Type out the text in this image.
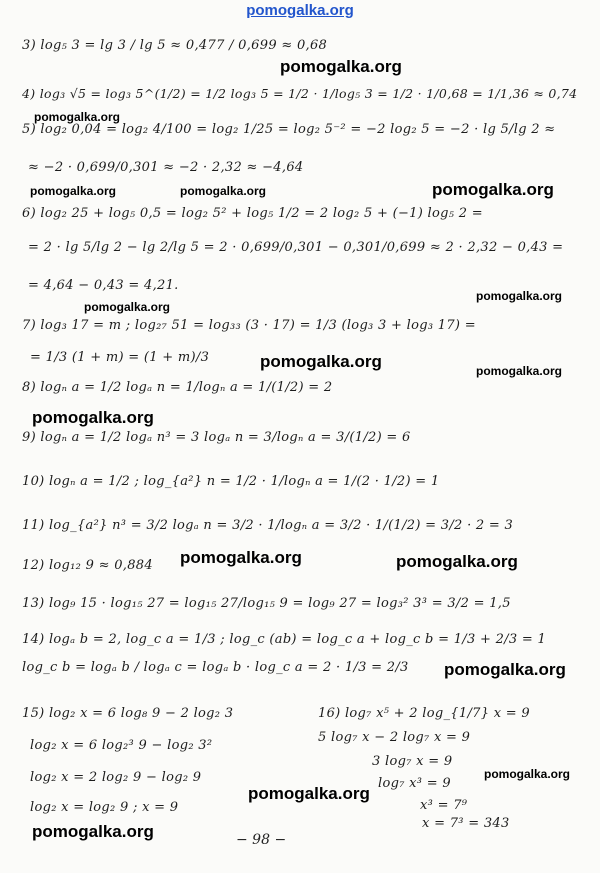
pomogalka.org
3) log₅ 3 = lg 3 / lg 5 ≈ 0,477 / 0,699 ≈ 0,68
4) log₃ √5 = log₃ 5^(1/2) = 1/2 log₃ 5 = 1/2 · 1/log₅ 3 = 1/2 · 1/0,68 = 1/1,36 ≈ 0,74
5) log₂ 0,04 = log₂ 4/100 = log₂ 1/25 = log₂ 5⁻² = −2 log₂ 5 = −2 · lg 5/lg 2 ≈
≈ −2 · 0,699/0,301 ≈ −2 · 2,32 ≈ −4,64
6) log₂ 25 + log₅ 0,5 = log₂ 5² + log₅ 1/2 = 2 log₂ 5 + (−1) log₅ 2 =
= 2 · lg 5/lg 2 − lg 2/lg 5 = 2 · 0,699/0,301 − 0,301/0,699 ≈ 2 · 2,32 − 0,43 =
= 4,64 − 0,43 = 4,21.
7) log₃ 17 = m ; log₂₇ 51 = log₃₃ (3 · 17) = 1/3 (log₃ 3 + log₃ 17) =
= 1/3 (1 + m) = (1 + m)/3
8) logₙ a = 1/2 logₐ n = 1/logₙ a = 1/(1/2) = 2
9) logₙ a = 1/2 logₐ n³ = 3 logₐ n = 3/logₙ a = 3/(1/2) = 6
10) logₙ a = 1/2 ; log_{a²} n = 1/2 · 1/logₙ a = 1/(2 · 1/2) = 1
11) log_{a²} n³ = 3/2 logₐ n = 3/2 · 1/logₙ a = 3/2 · 1/(1/2) = 3/2 · 2 = 3
12) log₁₂ 9 ≈ 0,884
13) log₉ 15 · log₁₅ 27 = log₁₅ 27/log₁₅ 9 = log₉ 27 = log₃² 3³ = 3/2 = 1,5
14) logₐ b = 2, log_c a = 1/3 ; log_c (ab) = log_c a + log_c b = 1/3 + 2/3 = 1
log_c b = logₐ b / logₐ c = logₐ b · log_c a = 2 · 1/3 = 2/3
15) log₂ x = 6 log₈ 9 − 2 log₂ 3
log₂ x = 6 log₂³ 9 − log₂ 3²
log₂ x = 2 log₂ 9 − log₂ 9
log₂ x = log₂ 9 ; x = 9
16) log₇ x⁵ + 2 log_{1/7} x = 9
5 log₇ x − 2 log₇ x = 9
3 log₇ x = 9
log₇ x³ = 9
x³ = 7⁹
x = 7³ = 343
pomogalka.org
pomogalka.org
pomogalka.org	pomogalka.org	pomogalka.org
pomogalka.org
pomogalka.org
pomogalka.org	pomogalka.org
pomogalka.org
pomogalka.org	pomogalka.org
pomogalka.org
pomogalka.org
pomogalka.org
pomogalka.org	− 98 −
